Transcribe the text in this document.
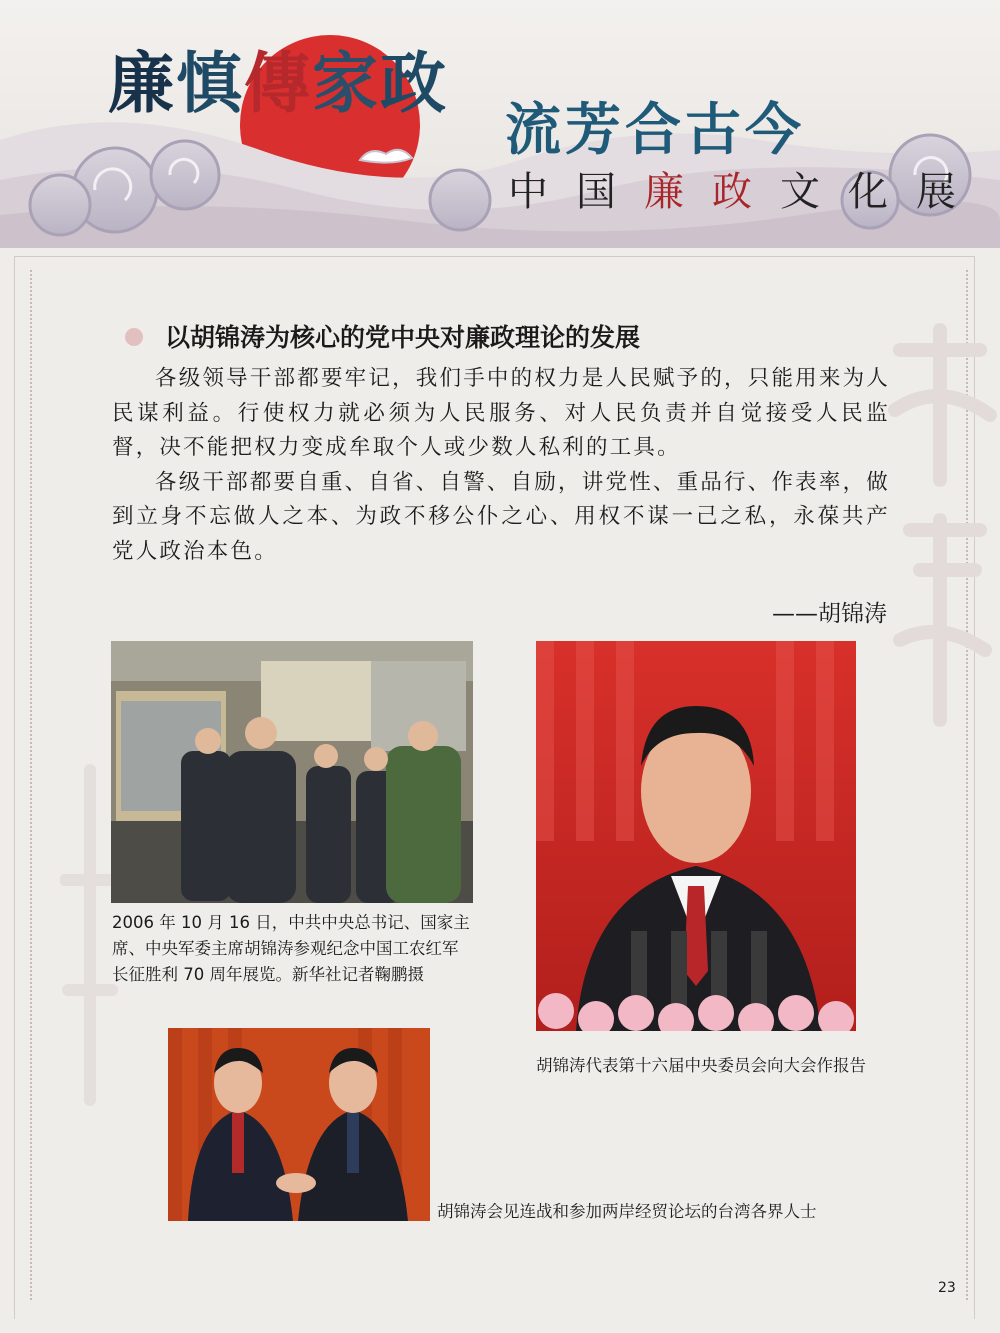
廉慎傳家政
流芳合古今
中国廉政文化展
以胡锦涛为核心的党中央对廉政理论的发展

各级领导干部都要牢记，我们手中的权力是人民赋予的，只能用来为人民谋利益。行使权力就必须为人民服务、对人民负责并自觉接受人民监督，决不能把权力变成牟取个人或少数人私利的工具。

各级干部都要自重、自省、自警、自励，讲党性、重品行、作表率，做到立身不忘做人之本、为政不移公仆之心、用权不谋一己之私，永葆共产党人政治本色。

——胡锦涛
2006 年 10 月 16 日，中共中央总书记、国家主席、中央军委主席胡锦涛参观纪念中国工农红军长征胜利 70 周年展览。新华社记者鞠鹏摄
胡锦涛代表第十六届中央委员会向大会作报告
胡锦涛会见连战和参加两岸经贸论坛的台湾各界人士
23
